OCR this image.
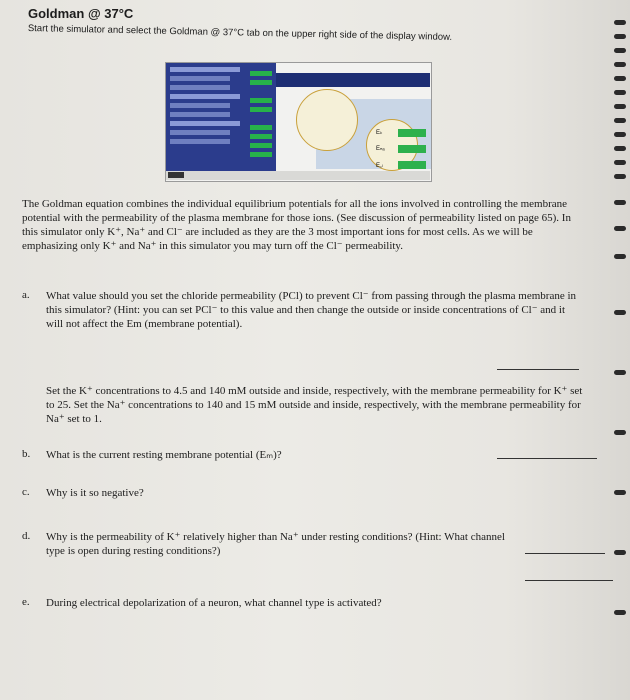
Goldman @ 37°C
Start the simulator and select the Goldman @ 37°C tab on the upper right side of the display window.
Eₖ
Eₙₐ
E꜀ₗ
The Goldman equation combines the individual equilibrium potentials for all the ions involved in controlling the membrane potential with the permeability of the plasma membrane for those ions. (See discussion of permeability listed on page 65). In this simulator only K⁺, Na⁺ and Cl⁻ are included as they are the 3 most important ions for most cells. As we will be emphasizing only K⁺ and Na⁺ in this simulator you may turn off the Cl⁻ permeability.
a. What value should you set the chloride permeability (PCl) to prevent Cl⁻ from passing through the plasma membrane in this simulator? (Hint: you can set PCl⁻ to this value and then change the outside or inside concentrations of Cl⁻ and it will not affect the Em (membrane potential).
Set the K⁺ concentrations to 4.5 and 140 mM outside and inside, respectively, with the membrane permeability for K⁺ set to 25. Set the Na⁺ concentrations to 140 and 15 mM outside and inside, respectively, with the membrane permeability for Na⁺ set to 1.
b. What is the current resting membrane potential (Eₘ)?
c. Why is it so negative?
d. Why is the permeability of K⁺ relatively higher than Na⁺ under resting conditions? (Hint: What channel type is open during resting conditions?)
e. During electrical depolarization of a neuron, what channel type is activated?
